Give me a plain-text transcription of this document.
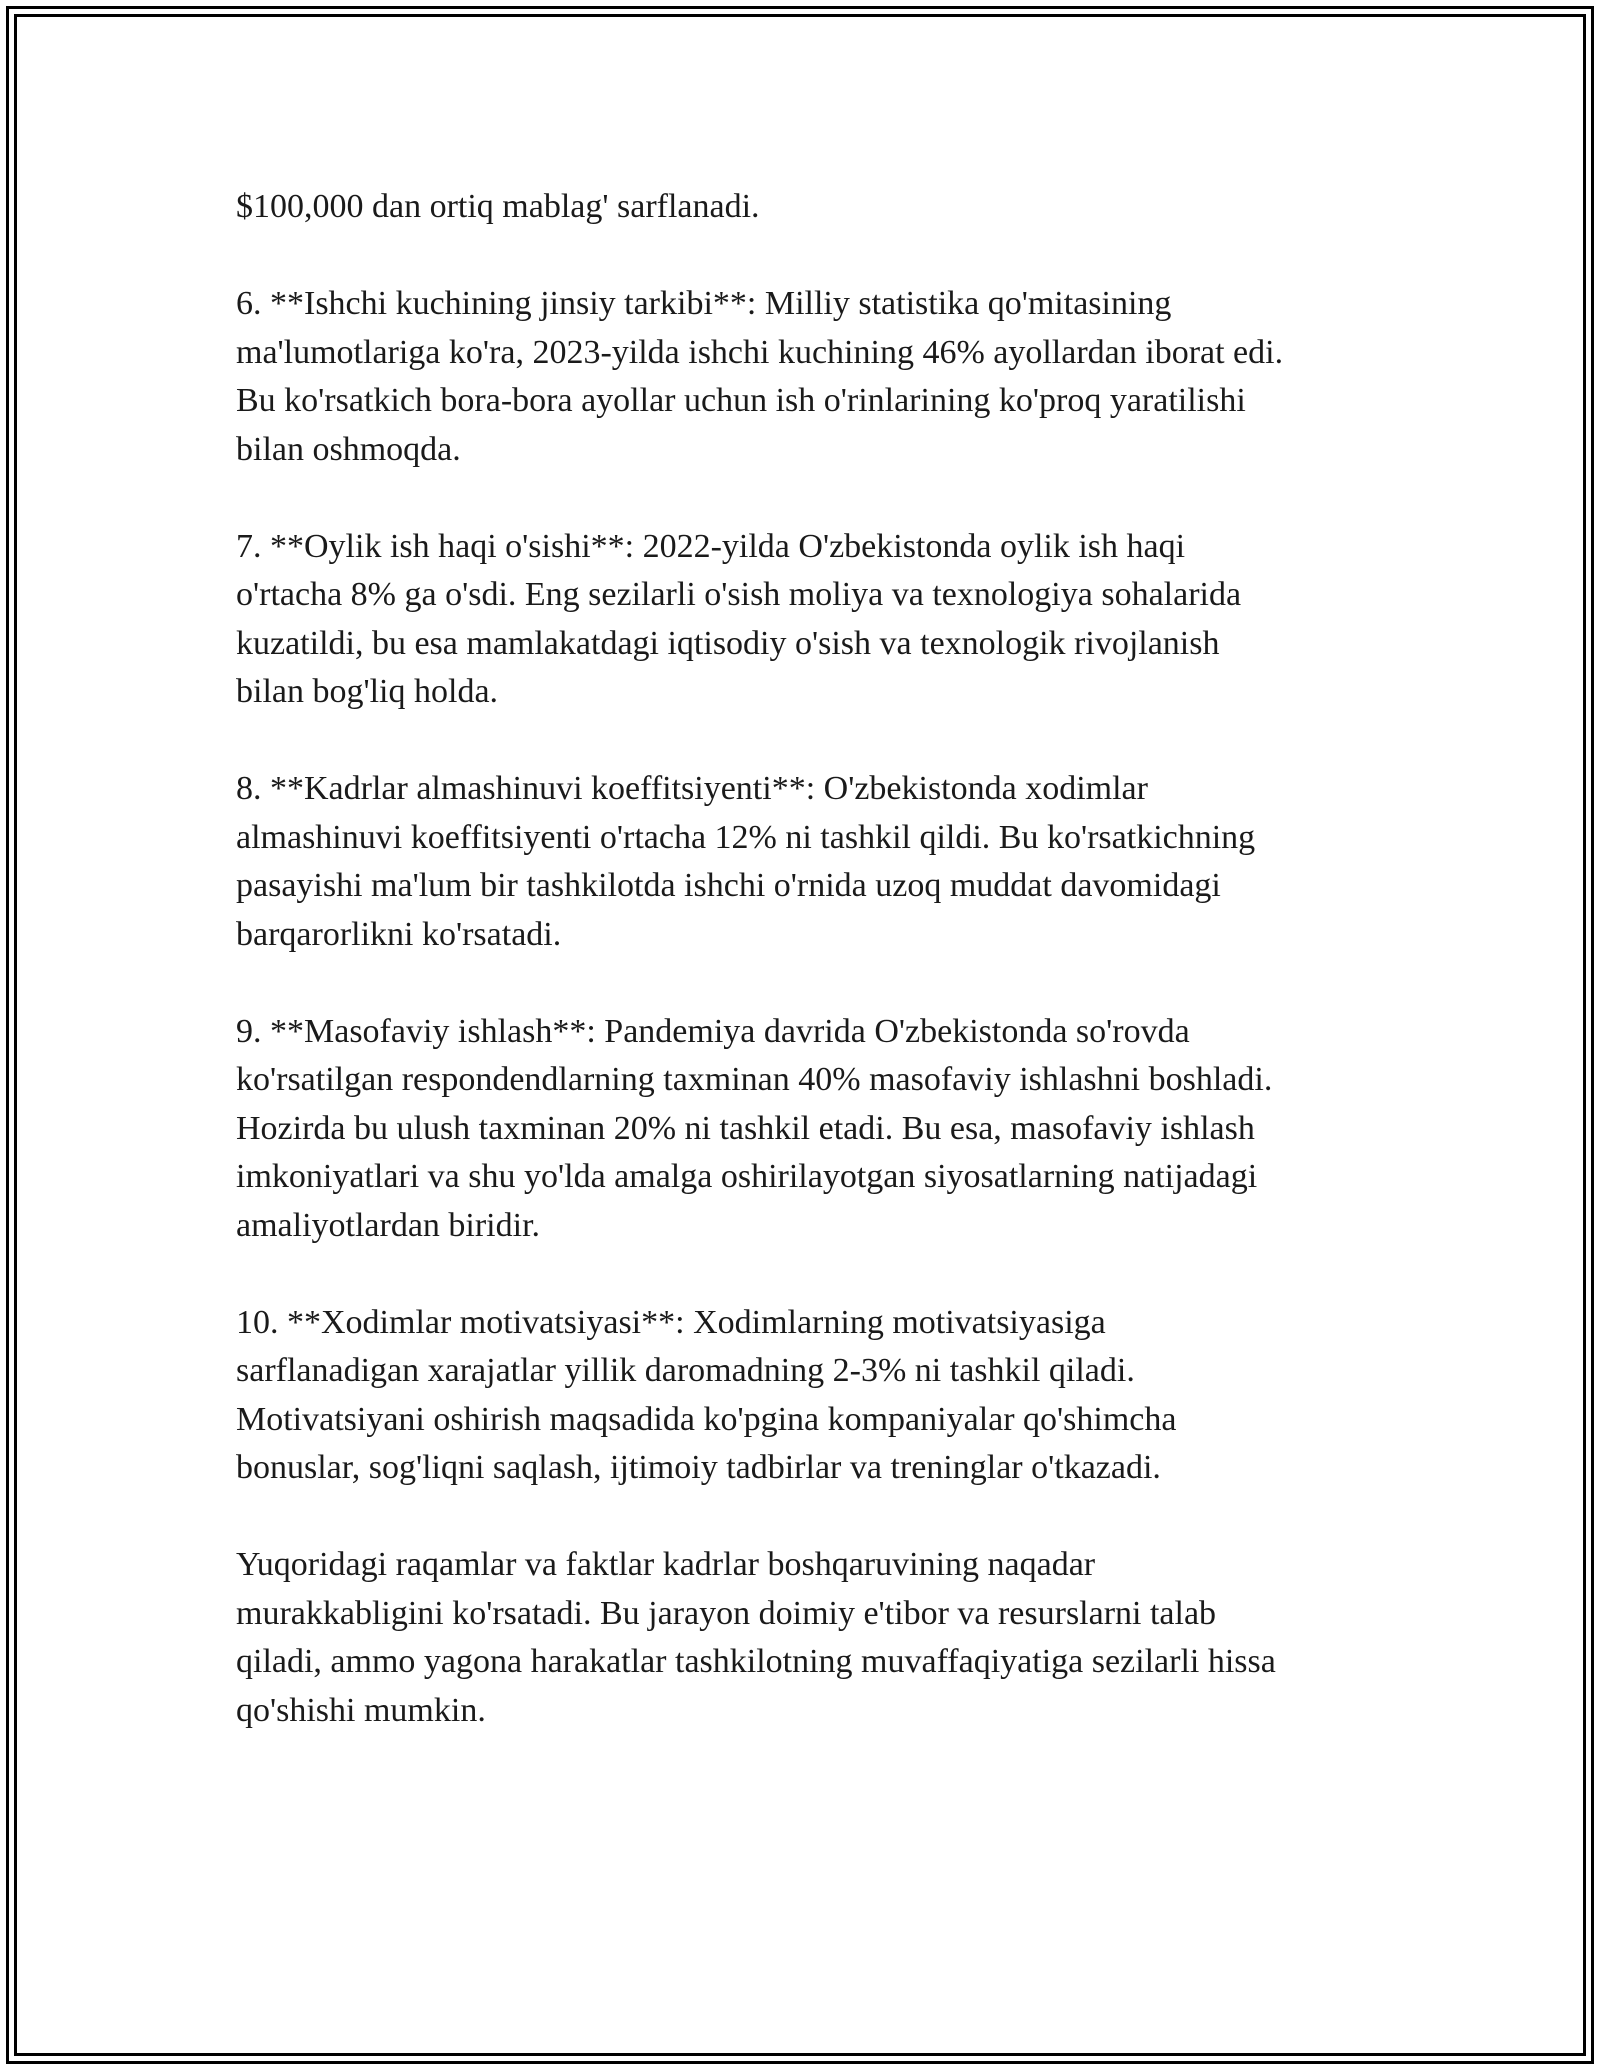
$100,000 dan ortiq mablag' sarflanadi.

6. **Ishchi kuchining jinsiy tarkibi**: Milliy statistika qo'mitasining
ma'lumotlariga ko'ra, 2023-yilda ishchi kuchining 46% ayollardan iborat edi.
Bu ko'rsatkich bora-bora ayollar uchun ish o'rinlarining ko'proq yaratilishi
bilan oshmoqda.

7. **Oylik ish haqi o'sishi**: 2022-yilda O'zbekistonda oylik ish haqi
o'rtacha 8% ga o'sdi. Eng sezilarli o'sish moliya va texnologiya sohalarida
kuzatildi, bu esa mamlakatdagi iqtisodiy o'sish va texnologik rivojlanish
bilan bog'liq holda.

8. **Kadrlar almashinuvi koeffitsiyenti**: O'zbekistonda xodimlar
almashinuvi koeffitsiyenti o'rtacha 12% ni tashkil qildi. Bu ko'rsatkichning
pasayishi ma'lum bir tashkilotda ishchi o'rnida uzoq muddat davomidagi
barqarorlikni ko'rsatadi.

9. **Masofaviy ishlash**: Pandemiya davrida O'zbekistonda so'rovda
ko'rsatilgan respondendlarning taxminan 40% masofaviy ishlashni boshladi.
Hozirda bu ulush taxminan 20% ni tashkil etadi. Bu esa, masofaviy ishlash
imkoniyatlari va shu yo'lda amalga oshirilayotgan siyosatlarning natijadagi
amaliyotlardan biridir.

10. **Xodimlar motivatsiyasi**: Xodimlarning motivatsiyasiga
sarflanadigan xarajatlar yillik daromadning 2-3% ni tashkil qiladi.
Motivatsiyani oshirish maqsadida ko'pgina kompaniyalar qo'shimcha
bonuslar, sog'liqni saqlash, ijtimoiy tadbirlar va treninglar o'tkazadi.

Yuqoridagi raqamlar va faktlar kadrlar boshqaruvining naqadar
murakkabligini ko'rsatadi. Bu jarayon doimiy e'tibor va resurslarni talab
qiladi, ammo yagona harakatlar tashkilotning muvaffaqiyatiga sezilarli hissa
qo'shishi mumkin.
